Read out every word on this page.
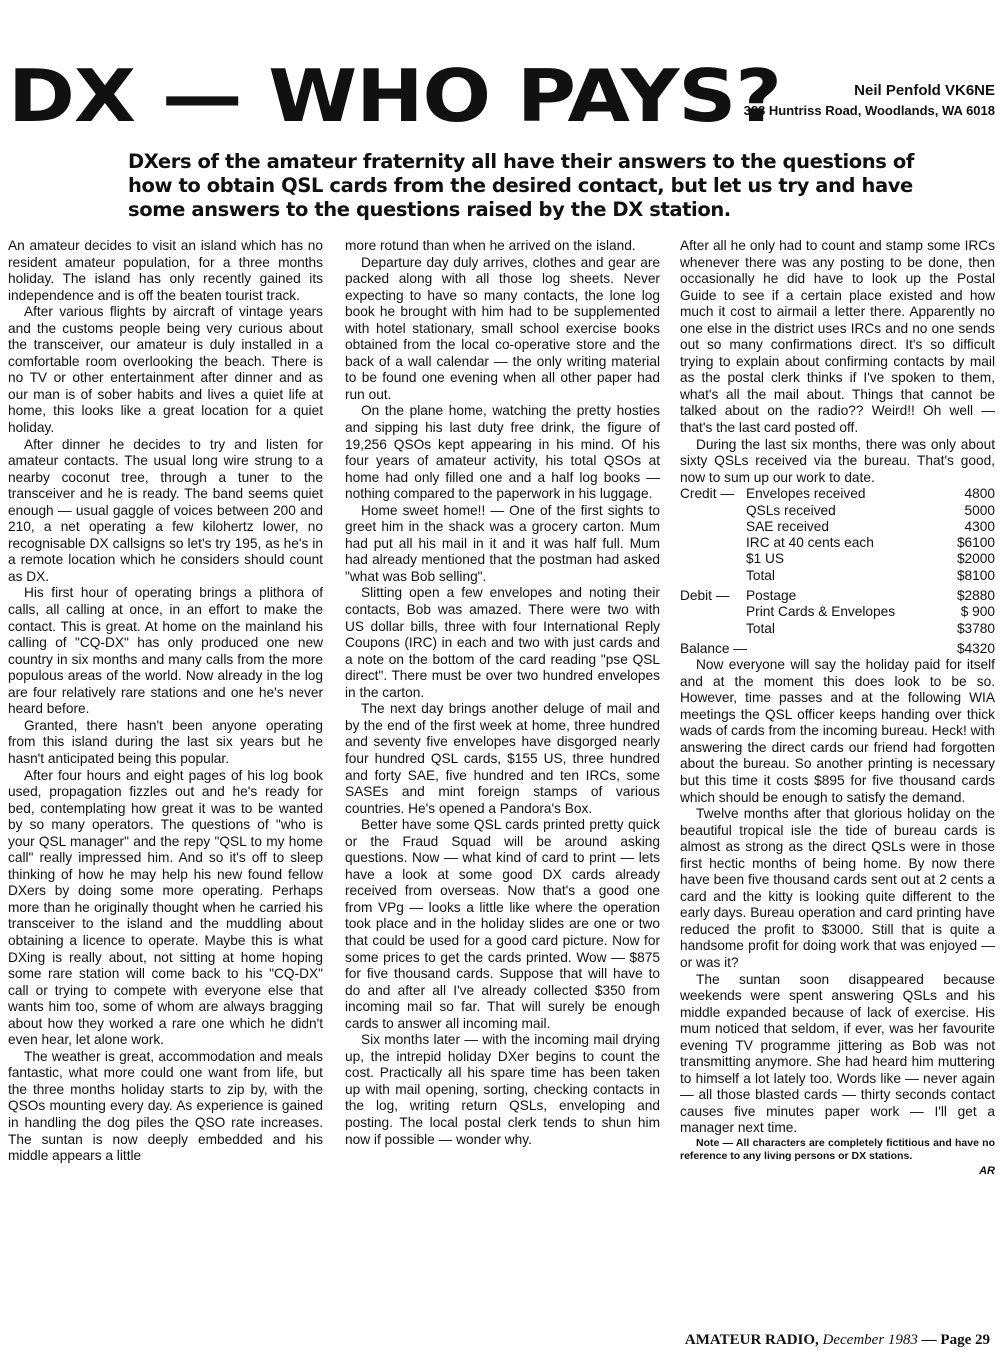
DX — WHO PAYS?	Neil Penfold VK6NE
388 Huntriss Road, Woodlands, WA 6018
DXers of the amateur fraternity all have their answers to the questions of how to obtain QSL cards from the desired contact, but let us try and have some answers to the questions raised by the DX station.

An amateur decides to visit an island which has no resident amateur population, for a three months holiday. The island has only recently gained its independence and is off the beaten tourist track.

After various flights by aircraft of vintage years and the customs people being very curious about the transceiver, our amateur is duly installed in a comfortable room overlooking the beach. There is no TV or other entertainment after dinner and as our man is of sober habits and lives a quiet life at home, this looks like a great location for a quiet holiday.

After dinner he decides to try and listen for amateur contacts. The usual long wire strung to a nearby coconut tree, through a tuner to the transceiver and he is ready. The band seems quiet enough — usual gaggle of voices between 200 and 210, a net operating a few kilohertz lower, no recognisable DX callsigns so let's try 195, as he's in a remote location which he considers should count as DX.

His first hour of operating brings a plithora of calls, all calling at once, in an effort to make the contact. This is great. At home on the mainland his calling of "CQ-DX" has only produced one new country in six months and many calls from the more populous areas of the world. Now already in the log are four relatively rare stations and one he's never heard before.

Granted, there hasn't been anyone operating from this island during the last six years but he hasn't anticipated being this popular.

After four hours and eight pages of his log book used, propagation fizzles out and he's ready for bed, contemplating how great it was to be wanted by so many operators. The questions of "who is your QSL manager" and the repy "QSL to my home call" really impressed him. And so it's off to sleep thinking of how he may help his new found fellow DXers by doing some more operating. Perhaps more than he originally thought when he carried his transceiver to the island and the muddling about obtaining a licence to operate. Maybe this is what DXing is really about, not sitting at home hoping some rare station will come back to his "CQ-DX" call or trying to compete with everyone else that wants him too, some of whom are always bragging about how they worked a rare one which he didn't even hear, let alone work.

The weather is great, accommodation and meals fantastic, what more could one want from life, but the three months holiday starts to zip by, with the QSOs mounting every day. As experience is gained in handling the dog piles the QSO rate increases. The suntan is now deeply embedded and his middle appears a little

more rotund than when he arrived on the island.

Departure day duly arrives, clothes and gear are packed along with all those log sheets. Never expecting to have so many contacts, the lone log book he brought with him had to be supplemented with hotel stationary, small school exercise books obtained from the local co-operative store and the back of a wall calendar — the only writing material to be found one evening when all other paper had run out.

On the plane home, watching the pretty hosties and sipping his last duty free drink, the figure of 19,256 QSOs kept appearing in his mind. Of his four years of amateur activity, his total QSOs at home had only filled one and a half log books — nothing compared to the paperwork in his luggage.

Home sweet home!! — One of the first sights to greet him in the shack was a grocery carton. Mum had put all his mail in it and it was half full. Mum had already mentioned that the postman had asked "what was Bob selling".

Slitting open a few envelopes and noting their contacts, Bob was amazed. There were two with US dollar bills, three with four International Reply Coupons (IRC) in each and two with just cards and a note on the bottom of the card reading "pse QSL direct". There must be over two hundred envelopes in the carton.

The next day brings another deluge of mail and by the end of the first week at home, three hundred and seventy five envelopes have disgorged nearly four hundred QSL cards, $155 US, three hundred and forty SAE, five hundred and ten IRCs, some SASEs and mint foreign stamps of various countries. He's opened a Pandora's Box.

Better have some QSL cards printed pretty quick or the Fraud Squad will be around asking questions. Now — what kind of card to print — lets have a look at some good DX cards already received from overseas. Now that's a good one from VPg — looks a little like where the operation took place and in the holiday slides are one or two that could be used for a good card picture. Now for some prices to get the cards printed. Wow — $875 for five thousand cards. Suppose that will have to do and after all I've already collected $350 from incoming mail so far. That will surely be enough cards to answer all incoming mail.

Six months later — with the incoming mail drying up, the intrepid holiday DXer begins to count the cost. Practically all his spare time has been taken up with mail opening, sorting, checking contacts in the log, writing return QSLs, enveloping and posting. The local postal clerk tends to shun him now if possible — wonder why.

After all he only had to count and stamp some IRCs whenever there was any posting to be done, then occasionally he did have to look up the Postal Guide to see if a certain place existed and how much it cost to airmail a letter there. Apparently no one else in the district uses IRCs and no one sends out so many confirmations direct. It's so difficult trying to explain about confirming contacts by mail as the postal clerk thinks if I've spoken to them, what's all the mail about. Things that cannot be talked about on the radio?? Weird!! Oh well — that's the last card posted off.

During the last six months, there was only about sixty QSLs received via the bureau. That's good, now to sum up our work to date.

Credit —	Envelopes received	4800
	QSLs received	5000
	SAE received	4300
	IRC at 40 cents each	$6100
	$1 US	$2000
	Total	$8100

Debit —	Postage	$2880
	Print Cards & Envelopes	$ 900
	Total	$3780

Balance —		$4320

Now everyone will say the holiday paid for itself and at the moment this does look to be so. However, time passes and at the following WIA meetings the QSL officer keeps handing over thick wads of cards from the incoming bureau. Heck! with answering the direct cards our friend had forgotten about the bureau. So another printing is necessary but this time it costs $895 for five thousand cards which should be enough to satisfy the demand.

Twelve months after that glorious holiday on the beautiful tropical isle the tide of bureau cards is almost as strong as the direct QSLs were in those first hectic months of being home. By now there have been five thousand cards sent out at 2 cents a card and the kitty is looking quite different to the early days. Bureau operation and card printing have reduced the profit to $3000. Still that is quite a handsome profit for doing work that was enjoyed — or was it?

The suntan soon disappeared because weekends were spent answering QSLs and his middle expanded because of lack of exercise. His mum noticed that seldom, if ever, was her favourite evening TV programme jittering as Bob was not transmitting anymore. She had heard him muttering to himself a lot lately too. Words like — never again — all those blasted cards — thirty seconds contact causes five minutes paper work — I'll get a manager next time.

Note — All characters are completely fictitious and have no reference to any living persons or DX stations.

AR
AMATEUR RADIO, December 1983 — Page 29
